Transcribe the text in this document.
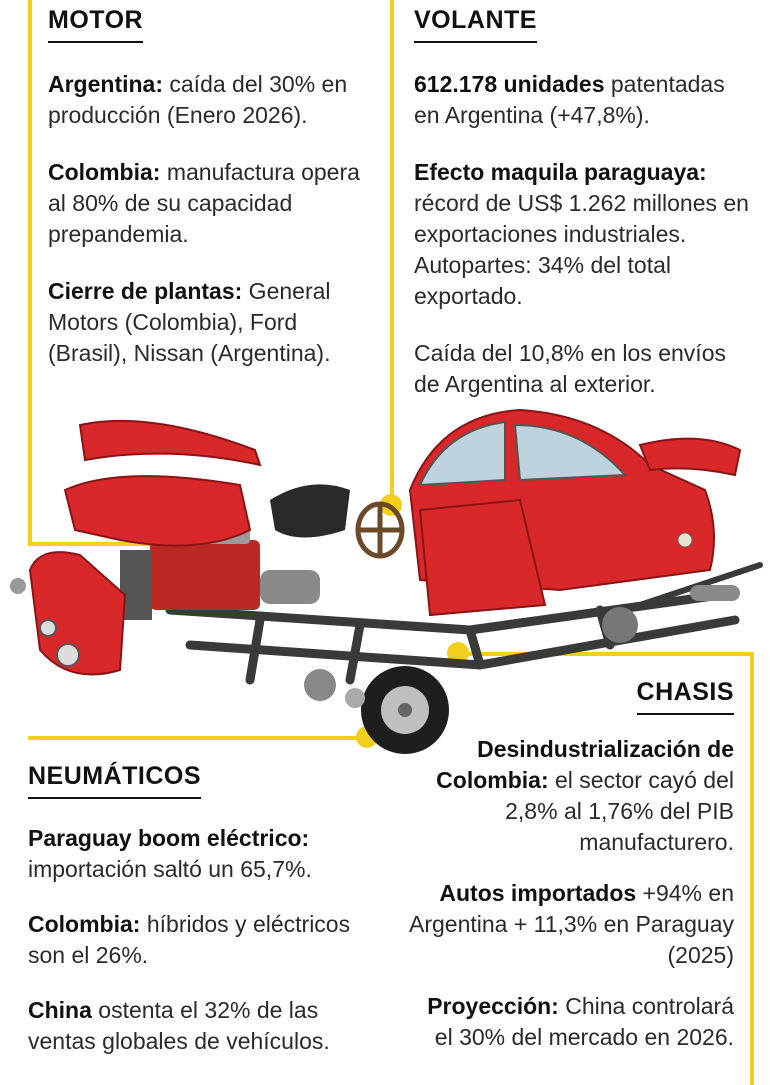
MOTOR

Argentina: caída del 30% en producción (Enero 2026).

Colombia: manufactura opera al 80% de su capacidad prepandemia.

Cierre de plantas: General Motors (Colombia), Ford (Brasil), Nissan (Argentina).

VOLANTE

612.178 unidades patentadas en Argentina (+47,8%).

Efecto maquila paraguaya: récord de US$ 1.262 millones en exportaciones industriales. Autopartes: 34% del total exportado.

Caída del 10,8% en los envíos de Argentina al exterior.

CHASIS

Desindustrialización de Colombia: el sector cayó del 2,8% al 1,76% del PIB manufacturero.

Autos importados +94% en Argentina + 11,3% en Paraguay (2025)

Proyección: China controlará el 30% del mercado en 2026.

NEUMÁTICOS

Paraguay boom eléctrico: importación saltó un 65,7%.

Colombia: híbridos y eléctricos son el 26%.

China ostenta el 32% de las ventas globales de vehículos.
